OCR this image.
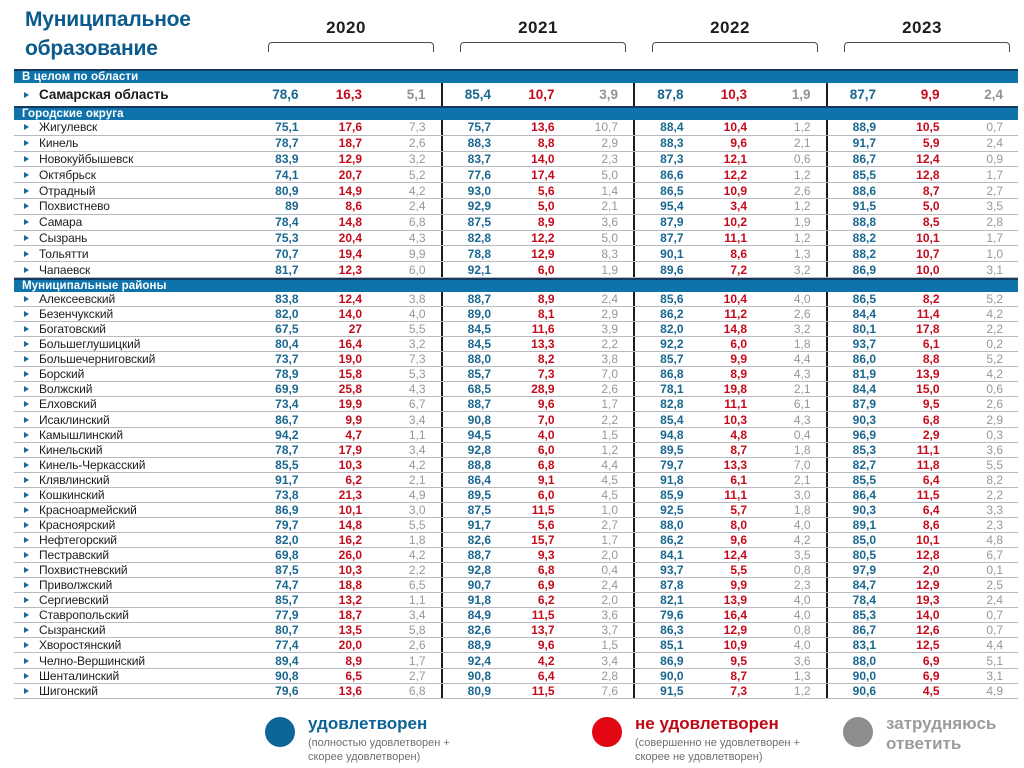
Муниципальное образование
2020	2021	2022	2023
В целом по области
Самарская область	78,6	16,3	5,1	85,4	10,7	3,9	87,8	10,3	1,9	87,7	9,9	2,4
Городские округа
Жигулевск	75,1	17,6	7,3	75,7	13,6	10,7	88,4	10,4	1,2	88,9	10,5	0,7
Кинель	78,7	18,7	2,6	88,3	8,8	2,9	88,3	9,6	2,1	91,7	5,9	2,4
Новокуйбышевск	83,9	12,9	3,2	83,7	14,0	2,3	87,3	12,1	0,6	86,7	12,4	0,9
Октябрьск	74,1	20,7	5,2	77,6	17,4	5,0	86,6	12,2	1,2	85,5	12,8	1,7
Отрадный	80,9	14,9	4,2	93,0	5,6	1,4	86,5	10,9	2,6	88,6	8,7	2,7
Похвистнево	89	8,6	2,4	92,9	5,0	2,1	95,4	3,4	1,2	91,5	5,0	3,5
Самара	78,4	14,8	6,8	87,5	8,9	3,6	87,9	10,2	1,9	88,8	8,5	2,8
Сызрань	75,3	20,4	4,3	82,8	12,2	5,0	87,7	11,1	1,2	88,2	10,1	1,7
Тольятти	70,7	19,4	9,9	78,8	12,9	8,3	90,1	8,6	1,3	88,2	10,7	1,0
Чапаевск	81,7	12,3	6,0	92,1	6,0	1,9	89,6	7,2	3,2	86,9	10,0	3,1
Муниципальные районы
Алексеевский	83,8	12,4	3,8	88,7	8,9	2,4	85,6	10,4	4,0	86,5	8,2	5,2
Безенчукский	82,0	14,0	4,0	89,0	8,1	2,9	86,2	11,2	2,6	84,4	11,4	4,2
Богатовский	67,5	27	5,5	84,5	11,6	3,9	82,0	14,8	3,2	80,1	17,8	2,2
Большеглушицкий	80,4	16,4	3,2	84,5	13,3	2,2	92,2	6,0	1,8	93,7	6,1	0,2
Большечерниговский	73,7	19,0	7,3	88,0	8,2	3,8	85,7	9,9	4,4	86,0	8,8	5,2
Борский	78,9	15,8	5,3	85,7	7,3	7,0	86,8	8,9	4,3	81,9	13,9	4,2
Волжский	69,9	25,8	4,3	68,5	28,9	2,6	78,1	19,8	2,1	84,4	15,0	0,6
Елховский	73,4	19,9	6,7	88,7	9,6	1,7	82,8	11,1	6,1	87,9	9,5	2,6
Исаклинский	86,7	9,9	3,4	90,8	7,0	2,2	85,4	10,3	4,3	90,3	6,8	2,9
Камышлинский	94,2	4,7	1,1	94,5	4,0	1,5	94,8	4,8	0,4	96,9	2,9	0,3
Кинельский	78,7	17,9	3,4	92,8	6,0	1,2	89,5	8,7	1,8	85,3	11,1	3,6
Кинель-Черкасский	85,5	10,3	4,2	88,8	6,8	4,4	79,7	13,3	7,0	82,7	11,8	5,5
Клявлинский	91,7	6,2	2,1	86,4	9,1	4,5	91,8	6,1	2,1	85,5	6,4	8,2
Кошкинский	73,8	21,3	4,9	89,5	6,0	4,5	85,9	11,1	3,0	86,4	11,5	2,2
Красноармейский	86,9	10,1	3,0	87,5	11,5	1,0	92,5	5,7	1,8	90,3	6,4	3,3
Красноярский	79,7	14,8	5,5	91,7	5,6	2,7	88,0	8,0	4,0	89,1	8,6	2,3
Нефтегорский	82,0	16,2	1,8	82,6	15,7	1,7	86,2	9,6	4,2	85,0	10,1	4,8
Пестравский	69,8	26,0	4,2	88,7	9,3	2,0	84,1	12,4	3,5	80,5	12,8	6,7
Похвистневский	87,5	10,3	2,2	92,8	6,8	0,4	93,7	5,5	0,8	97,9	2,0	0,1
Приволжский	74,7	18,8	6,5	90,7	6,9	2,4	87,8	9,9	2,3	84,7	12,9	2,5
Сергиевский	85,7	13,2	1,1	91,8	6,2	2,0	82,1	13,9	4,0	78,4	19,3	2,4
Ставропольский	77,9	18,7	3,4	84,9	11,5	3,6	79,6	16,4	4,0	85,3	14,0	0,7
Сызранский	80,7	13,5	5,8	82,6	13,7	3,7	86,3	12,9	0,8	86,7	12,6	0,7
Хворостянский	77,4	20,0	2,6	88,9	9,6	1,5	85,1	10,9	4,0	83,1	12,5	4,4
Челно-Вершинский	89,4	8,9	1,7	92,4	4,2	3,4	86,9	9,5	3,6	88,0	6,9	5,1
Шенталинский	90,8	6,5	2,7	90,8	6,4	2,8	90,0	8,7	1,3	90,0	6,9	3,1
Шигонский	79,6	13,6	6,8	80,9	11,5	7,6	91,5	7,3	1,2	90,6	4,5	4,9
удовлетворен
(полностью удовлетворен + скорее удовлетворен)
не удовлетворен
(совершенно не удовлетворен + скорее не удовлетворен)
затрудняюсь ответить
